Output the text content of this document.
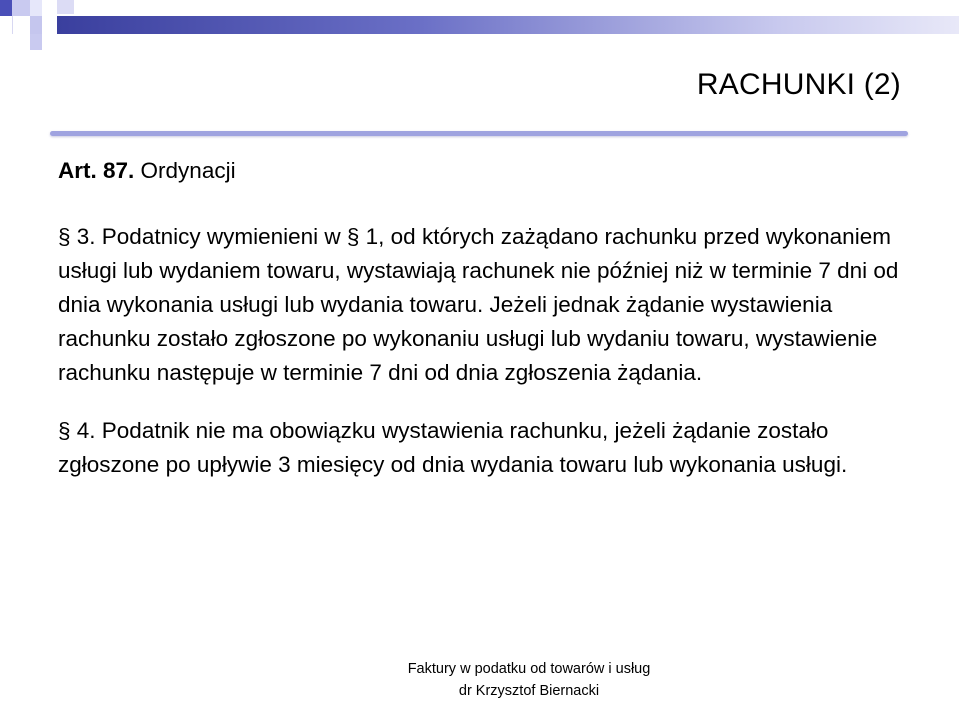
RACHUNKI (2)

Art. 87. Ordynacji

§ 3. Podatnicy wymienieni w § 1, od których zażądano rachunku przed wykonaniem usługi lub wydaniem towaru, wystawiają rachunek nie później niż w terminie 7 dni od dnia wykonania usługi lub wydania towaru. Jeżeli jednak żądanie wystawienia rachunku zostało zgłoszone po wykonaniu usługi lub wydaniu towaru, wystawienie rachunku następuje w terminie 7 dni od dnia zgłoszenia żądania.

§ 4. Podatnik nie ma obowiązku wystawienia rachunku, jeżeli żądanie zostało zgłoszone po upływie 3 miesięcy od dnia wydania towaru lub wykonania usługi.

Faktury w podatku od towarów i usług
dr Krzysztof Biernacki
